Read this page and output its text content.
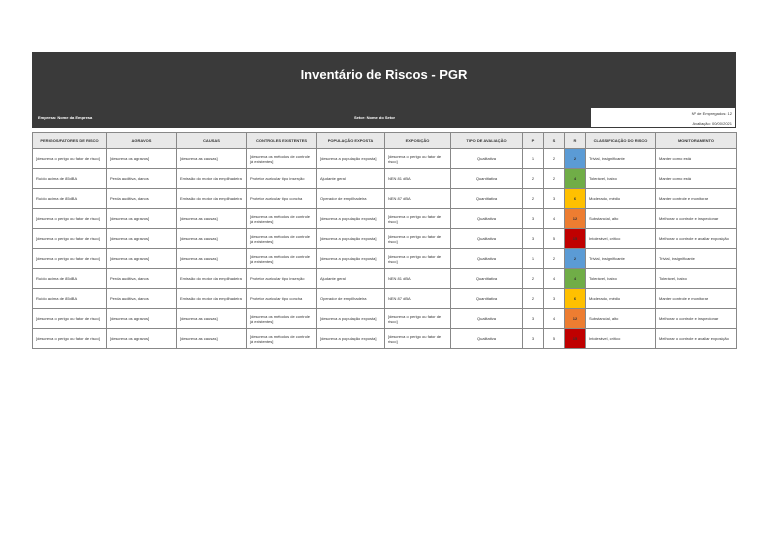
Inventário de Riscos - PGR
Empresa: Nome da Empresa	Setor: Nome do Setor
Nº de Empregados: 12
Avaliação: 00/00/2021
PERIGOS/FATORES DE RISCO	AGRAVOS	CAUSAS	CONTROLES EXISTENTES	POPULAÇÃO EXPOSTA	EXPOSIÇÃO	TIPO DE AVALIAÇÃO	P	S	R	CLASSIFICAÇÃO DO RISCO	MONITORAMENTO
[descreva o perigo ou fator de risco]	[descreva os agravos]	[descreva as causas]	[descreva os métodos de controle já existentes]	[descreva a população exposta]	[descreva o perigo ou fator de risco]	Qualitativa	1	2	2	Trivial, insignificante	Manter como está
Ruído acima de 85dBA	Perda auditiva, danos	Emissão do motor da empilhadeira	Protetor auricular tipo inserção	Ajudante geral	NEN 81 dBA	Quantitativa	2	2	4	Tolerável, baixo	Manter como está
Ruído acima de 85dBA	Perda auditiva, danos	Emissão do motor da empilhadeira	Protetor auricular tipo concha	Operador de empilhadeira	NEN 87 dBA	Quantitativa	2	3	6	Moderado, médio	Manter controle e monitorar
[descreva o perigo ou fator de risco]	[descreva os agravos]	[descreva as causas]	[descreva os métodos de controle já existentes]	[descreva a população exposta]	[descreva o perigo ou fator de risco]	Qualitativa	3	4	12	Substancial, alto	Melhorar o controle e inspecionar
[descreva o perigo ou fator de risco]	[descreva os agravos]	[descreva as causas]	[descreva os métodos de controle já existentes]	[descreva a população exposta]	[descreva o perigo ou fator de risco]	Qualitativa	3	5	15	Intolerável, crítico	Melhorar o controle e avaliar exposição
[descreva o perigo ou fator de risco]	[descreva os agravos]	[descreva as causas]	[descreva os métodos de controle já existentes]	[descreva a população exposta]	[descreva o perigo ou fator de risco]	Qualitativa	1	2	2	Trivial, insignificante	Trivial, insignificante
Ruído acima de 85dBA	Perda auditiva, danos	Emissão do motor da empilhadeira	Protetor auricular tipo inserção	Ajudante geral	NEN 81 dBA	Quantitativa	2	4	4	Tolerável, baixo	Tolerável, baixo
Ruído acima de 85dBA	Perda auditiva, danos	Emissão do motor da empilhadeira	Protetor auricular tipo concha	Operador de empilhadeira	NEN 87 dBA	Quantitativa	2	3	6	Moderado, médio	Manter controle e monitorar
[descreva o perigo ou fator de risco]	[descreva os agravos]	[descreva as causas]	[descreva os métodos de controle já existentes]	[descreva a população exposta]	[descreva o perigo ou fator de risco]	Qualitativa	3	4	12	Substancial, alto	Melhorar o controle e inspecionar
[descreva o perigo ou fator de risco]	[descreva os agravos]	[descreva as causas]	[descreva os métodos de controle já existentes]	[descreva a população exposta]	[descreva o perigo ou fator de risco]	Qualitativa	3	5	15	Intolerável, crítico	Melhorar o controle e avaliar exposição
